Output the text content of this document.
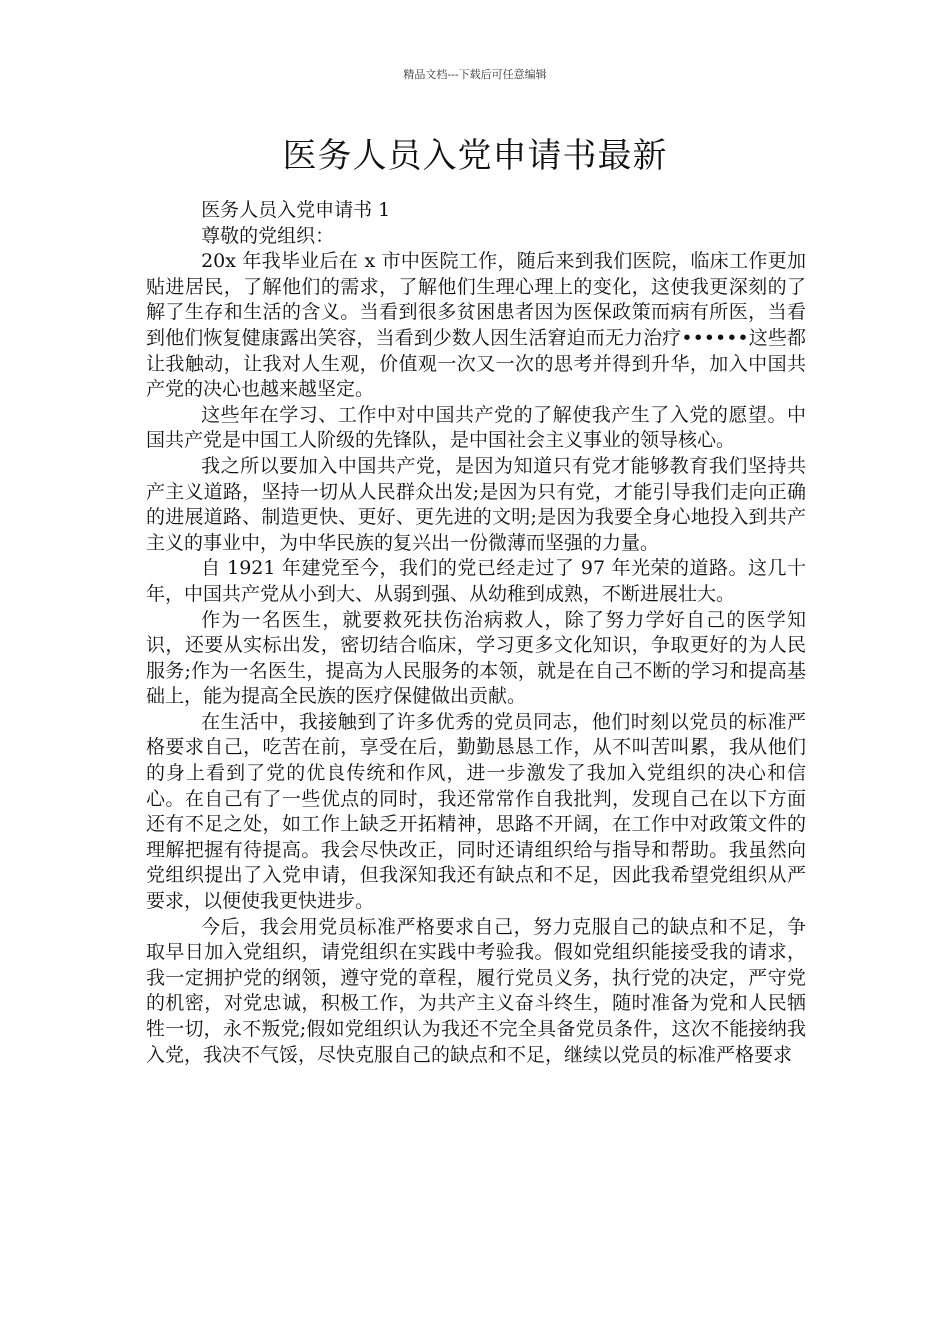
精品文档---下载后可任意编辑
医务人员入党申请书最新

医务人员入党申请书 1

尊敬的党组织：

20x 年我毕业后在 x 市中医院工作，随后来到我们医院，临床工作更加贴进居民，了解他们的需求，了解他们生理心理上的变化，这使我更深刻的了解了生存和生活的含义。当看到很多贫困患者因为医保政策而病有所医，当看到他们恢复健康露出笑容，当看到少数人因生活窘迫而无力治疗••••••这些都让我触动，让我对人生观，价值观一次又一次的思考并得到升华，加入中国共产党的决心也越来越坚定。

这些年在学习、工作中对中国共产党的了解使我产生了入党的愿望。中国共产党是中国工人阶级的先锋队，是中国社会主义事业的领导核心。

我之所以要加入中国共产党，是因为知道只有党才能够教育我们坚持共产主义道路，坚持一切从人民群众出发;是因为只有党，才能引导我们走向正确的进展道路、制造更快、更好、更先进的文明;是因为我要全身心地投入到共产主义的事业中，为中华民族的复兴出一份微薄而坚强的力量。

自 1921 年建党至今，我们的党已经走过了 97 年光荣的道路。这几十年，中国共产党从小到大、从弱到强、从幼稚到成熟，不断进展壮大。

作为一名医生，就要救死扶伤治病救人，除了努力学好自己的医学知识，还要从实标出发，密切结合临床，学习更多文化知识，争取更好的为人民服务;作为一名医生，提高为人民服务的本领，就是在自己不断的学习和提高基础上，能为提高全民族的医疗保健做出贡献。

在生活中，我接触到了许多优秀的党员同志，他们时刻以党员的标准严格要求自己，吃苦在前，享受在后，勤勤恳恳工作，从不叫苦叫累，我从他们的身上看到了党的优良传统和作风，进一步激发了我加入党组织的决心和信心。在自己有了一些优点的同时，我还常常作自我批判，发现自己在以下方面还有不足之处，如工作上缺乏开拓精神，思路不开阔，在工作中对政策文件的理解把握有待提高。我会尽快改正，同时还请组织给与指导和帮助。我虽然向党组织提出了入党申请，但我深知我还有缺点和不足，因此我希望党组织从严要求，以便使我更快进步。

今后，我会用党员标准严格要求自己，努力克服自己的缺点和不足，争取早日加入党组织，请党组织在实践中考验我。假如党组织能接受我的请求，我一定拥护党的纲领，遵守党的章程，履行党员义务，执行党的决定，严守党的机密，对党忠诚，积极工作，为共产主义奋斗终生，随时准备为党和人民牺牲一切，永不叛党;假如党组织认为我还不完全具备党员条件，这次不能接纳我入党，我决不气馁，尽快克服自己的缺点和不足，继续以党员的标准严格要求
